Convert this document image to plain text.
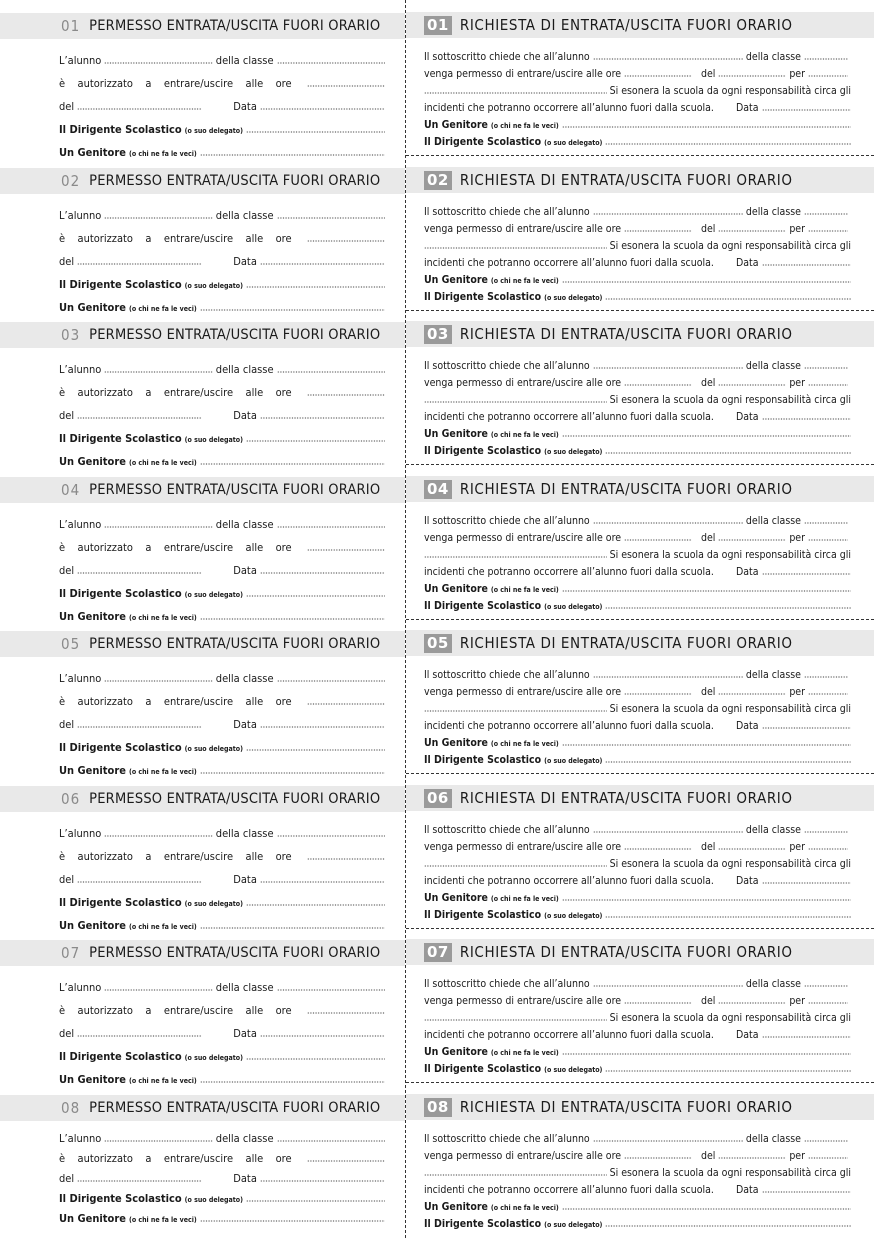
01 PERMESSO ENTRATA/USCITA FUORI ORARIO
L’alunno	della classe
è autorizzato a entrare/uscire alle ore
del	Data
Il Dirigente Scolastico (o suo delegato)
Un Genitore (o chi ne fa le veci)
01 RICHIESTA DI ENTRATA/USCITA FUORI ORARIO
Il sottoscritto chiede che all’alunno	della classe
venga permesso di entrare/uscire alle ore	del	per
Si esonera la scuola da ogni responsabilità circa gli
incidenti che potranno occorrere all’alunno fuori dalla scuola. Data
Un Genitore (o chi ne fa le veci)
Il Dirigente Scolastico (o suo delegato)
02 PERMESSO ENTRATA/USCITA FUORI ORARIO
L’alunno	della classe
è autorizzato a entrare/uscire alle ore
del	Data
Il Dirigente Scolastico (o suo delegato)
Un Genitore (o chi ne fa le veci)
02 RICHIESTA DI ENTRATA/USCITA FUORI ORARIO
Il sottoscritto chiede che all’alunno	della classe
venga permesso di entrare/uscire alle ore	del	per
Si esonera la scuola da ogni responsabilità circa gli
incidenti che potranno occorrere all’alunno fuori dalla scuola. Data
Un Genitore (o chi ne fa le veci)
Il Dirigente Scolastico (o suo delegato)
03 PERMESSO ENTRATA/USCITA FUORI ORARIO
L’alunno	della classe
è autorizzato a entrare/uscire alle ore
del	Data
Il Dirigente Scolastico (o suo delegato)
Un Genitore (o chi ne fa le veci)
03 RICHIESTA DI ENTRATA/USCITA FUORI ORARIO
Il sottoscritto chiede che all’alunno	della classe
venga permesso di entrare/uscire alle ore	del	per
Si esonera la scuola da ogni responsabilità circa gli
incidenti che potranno occorrere all’alunno fuori dalla scuola. Data
Un Genitore (o chi ne fa le veci)
Il Dirigente Scolastico (o suo delegato)
04 PERMESSO ENTRATA/USCITA FUORI ORARIO
L’alunno	della classe
è autorizzato a entrare/uscire alle ore
del	Data
Il Dirigente Scolastico (o suo delegato)
Un Genitore (o chi ne fa le veci)
04 RICHIESTA DI ENTRATA/USCITA FUORI ORARIO
Il sottoscritto chiede che all’alunno	della classe
venga permesso di entrare/uscire alle ore	del	per
Si esonera la scuola da ogni responsabilità circa gli
incidenti che potranno occorrere all’alunno fuori dalla scuola. Data
Un Genitore (o chi ne fa le veci)
Il Dirigente Scolastico (o suo delegato)
05 PERMESSO ENTRATA/USCITA FUORI ORARIO
L’alunno	della classe
è autorizzato a entrare/uscire alle ore
del	Data
Il Dirigente Scolastico (o suo delegato)
Un Genitore (o chi ne fa le veci)
05 RICHIESTA DI ENTRATA/USCITA FUORI ORARIO
Il sottoscritto chiede che all’alunno	della classe
venga permesso di entrare/uscire alle ore	del	per
Si esonera la scuola da ogni responsabilità circa gli
incidenti che potranno occorrere all’alunno fuori dalla scuola. Data
Un Genitore (o chi ne fa le veci)
Il Dirigente Scolastico (o suo delegato)
06 PERMESSO ENTRATA/USCITA FUORI ORARIO
L’alunno	della classe
è autorizzato a entrare/uscire alle ore
del	Data
Il Dirigente Scolastico (o suo delegato)
Un Genitore (o chi ne fa le veci)
06 RICHIESTA DI ENTRATA/USCITA FUORI ORARIO
Il sottoscritto chiede che all’alunno	della classe
venga permesso di entrare/uscire alle ore	del	per
Si esonera la scuola da ogni responsabilità circa gli
incidenti che potranno occorrere all’alunno fuori dalla scuola. Data
Un Genitore (o chi ne fa le veci)
Il Dirigente Scolastico (o suo delegato)
07 PERMESSO ENTRATA/USCITA FUORI ORARIO
L’alunno	della classe
è autorizzato a entrare/uscire alle ore
del	Data
Il Dirigente Scolastico (o suo delegato)
Un Genitore (o chi ne fa le veci)
07 RICHIESTA DI ENTRATA/USCITA FUORI ORARIO
Il sottoscritto chiede che all’alunno	della classe
venga permesso di entrare/uscire alle ore	del	per
Si esonera la scuola da ogni responsabilità circa gli
incidenti che potranno occorrere all’alunno fuori dalla scuola. Data
Un Genitore (o chi ne fa le veci)
Il Dirigente Scolastico (o suo delegato)
08 PERMESSO ENTRATA/USCITA FUORI ORARIO
L’alunno	della classe
è autorizzato a entrare/uscire alle ore
del	Data
Il Dirigente Scolastico (o suo delegato)
Un Genitore (o chi ne fa le veci)
08 RICHIESTA DI ENTRATA/USCITA FUORI ORARIO
Il sottoscritto chiede che all’alunno	della classe
venga permesso di entrare/uscire alle ore	del	per
Si esonera la scuola da ogni responsabilità circa gli
incidenti che potranno occorrere all’alunno fuori dalla scuola. Data
Un Genitore (o chi ne fa le veci)
Il Dirigente Scolastico (o suo delegato)
